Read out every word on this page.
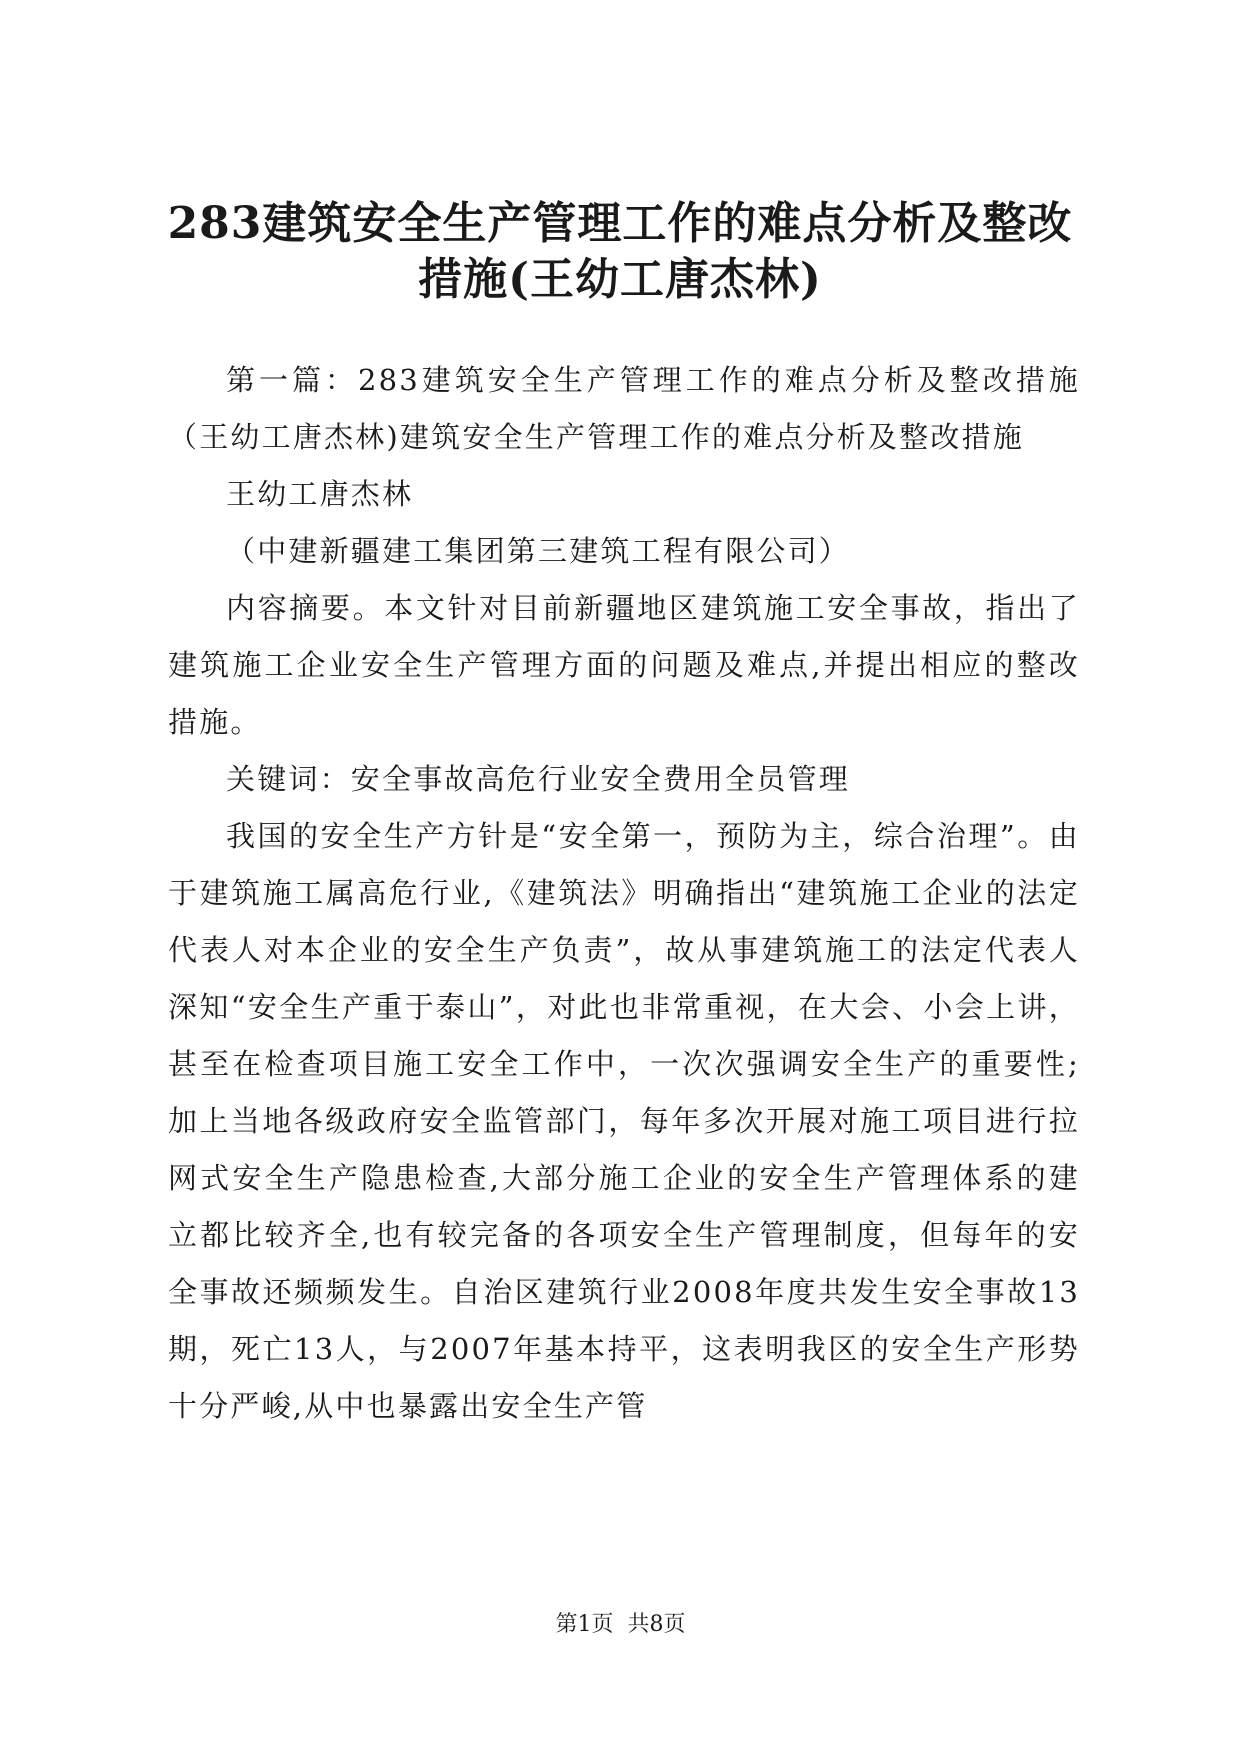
283建筑安全生产管理工作的难点分析及整改措施(王幼工唐杰林)

第一篇：283建筑安全生产管理工作的难点分析及整改措施（王幼工唐杰林)建筑安全生产管理工作的难点分析及整改措施

王幼工唐杰林

（中建新疆建工集团第三建筑工程有限公司）

内容摘要。本文针对目前新疆地区建筑施工安全事故，指出了建筑施工企业安全生产管理方面的问题及难点,并提出相应的整改措施。

关键词：安全事故高危行业安全费用全员管理

我国的安全生产方针是“安全第一，预防为主，综合治理”。由于建筑施工属高危行业,《建筑法》明确指出“建筑施工企业的法定代表人对本企业的安全生产负责”，故从事建筑施工的法定代表人深知“安全生产重于泰山”，对此也非常重视，在大会、小会上讲，甚至在检查项目施工安全工作中，一次次强调安全生产的重要性;加上当地各级政府安全监管部门，每年多次开展对施工项目进行拉网式安全生产隐患检查,大部分施工企业的安全生产管理体系的建立都比较齐全,也有较完备的各项安全生产管理制度，但每年的安全事故还频频发生。自治区建筑行业2008年度共发生安全事故13期，死亡13人，与2007年基本持平，这表明我区的安全生产形势十分严峻,从中也暴露出安全生产管

第1页 共8页
